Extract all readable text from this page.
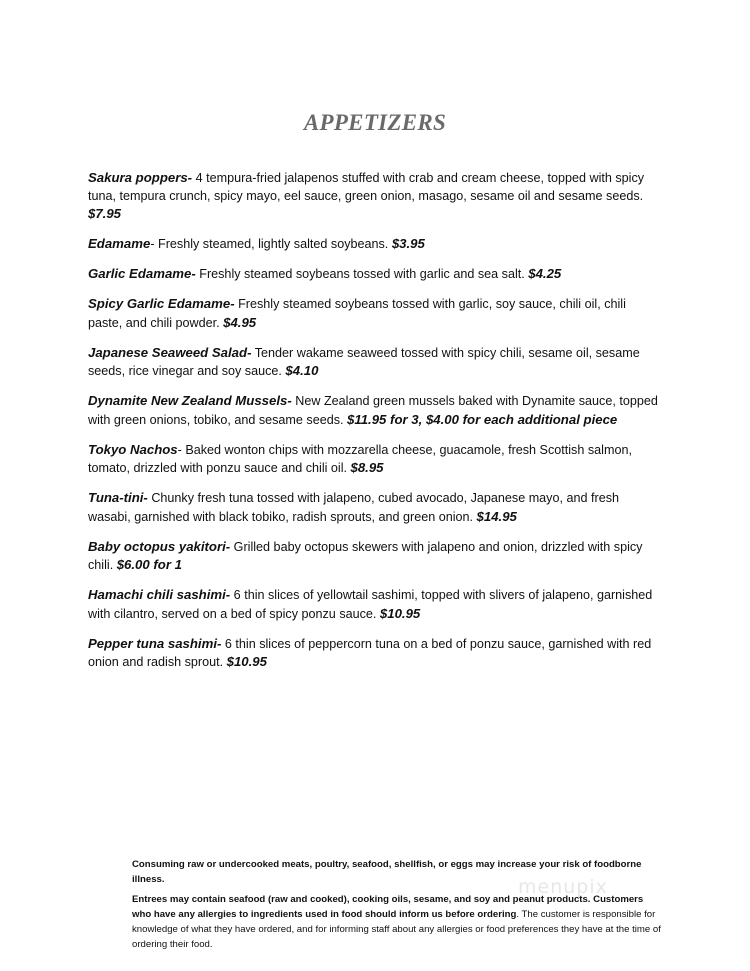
APPETIZERS

Sakura poppers- 4 tempura-fried jalapenos stuffed with crab and cream cheese, topped with spicy tuna, tempura crunch, spicy mayo, eel sauce, green onion, masago, sesame oil and sesame seeds. $7.95

Edamame- Freshly steamed, lightly salted soybeans. $3.95

Garlic Edamame- Freshly steamed soybeans tossed with garlic and sea salt. $4.25

Spicy Garlic Edamame- Freshly steamed soybeans tossed with garlic, soy sauce, chili oil, chili paste, and chili powder. $4.95

Japanese Seaweed Salad- Tender wakame seaweed tossed with spicy chili, sesame oil, sesame seeds, rice vinegar and soy sauce. $4.10

Dynamite New Zealand Mussels- New Zealand green mussels baked with Dynamite sauce, topped with green onions, tobiko, and sesame seeds. $11.95 for 3, $4.00 for each additional piece

Tokyo Nachos- Baked wonton chips with mozzarella cheese, guacamole, fresh Scottish salmon, tomato, drizzled with ponzu sauce and chili oil. $8.95

Tuna-tini- Chunky fresh tuna tossed with jalapeno, cubed avocado, Japanese mayo, and fresh wasabi, garnished with black tobiko, radish sprouts, and green onion. $14.95

Baby octopus yakitori- Grilled baby octopus skewers with jalapeno and onion, drizzled with spicy chili. $6.00 for 1

Hamachi chili sashimi- 6 thin slices of yellowtail sashimi, topped with slivers of jalapeno, garnished with cilantro, served on a bed of spicy ponzu sauce. $10.95

Pepper tuna sashimi- 6 thin slices of peppercorn tuna on a bed of ponzu sauce, garnished with red onion and radish sprout. $10.95

menupix

Consuming raw or undercooked meats, poultry, seafood, shellfish, or eggs may increase your risk of foodborne illness.

Entrees may contain seafood (raw and cooked), cooking oils, sesame, and soy and peanut products. Customers who have any allergies to ingredients used in food should inform us before ordering. The customer is responsible for knowledge of what they have ordered, and for informing staff about any allergies or food preferences they have at the time of ordering their food.
